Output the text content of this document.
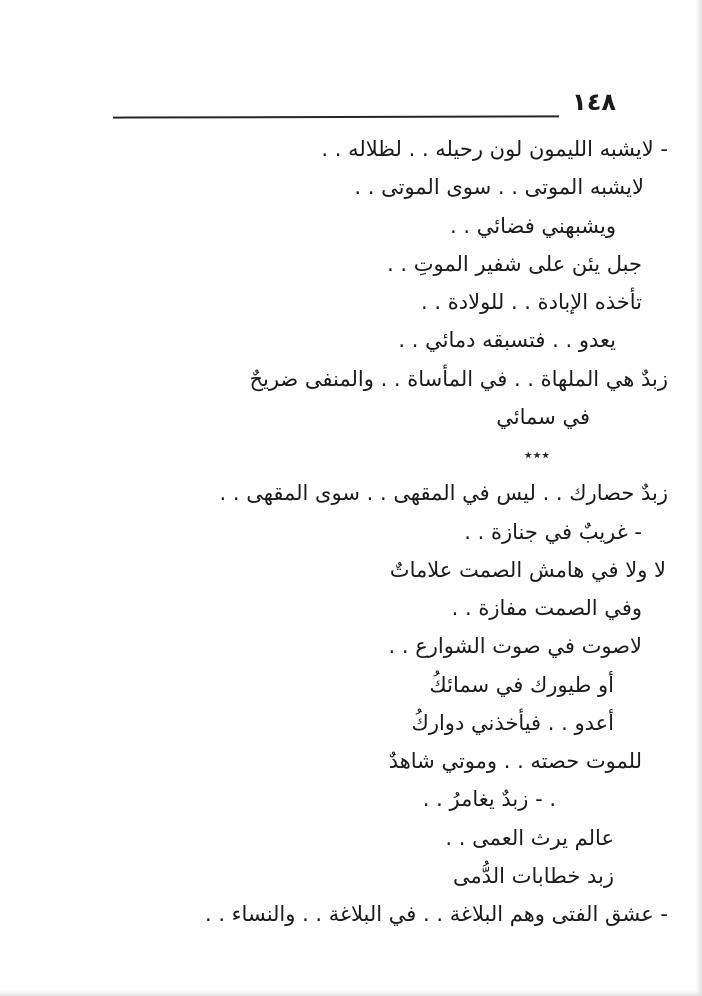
١٤٨
- لايشبه الليمون لون رحيله . . لظلاله . .
لايشبه الموتى . . سوى الموتى . .
ويشبهني فضائي . .
جبل يئن على شفير الموتِ . .
تأخذه الإبادة . . للولادة . .
يعدو . . فتسبقه دمائي . .
زبدٌ هي الملهاة . . في المأساة . . والمنفى ضريحٌ
في سمائي
٭٭٭
زبدٌ حصارك . . ليس في المقهى . . سوى المقهى . .
- غريبٌ في جنازة . .
لا ولا في هامش الصمت علاماتٌ
وفي الصمت مفازة . .
لاصوت في صوت الشوارع . .
أو طيورك في سمائكُ
أعدو . . فيأخذني دواركُ
للموت حصته . . وموتي شاهدٌ
. - زبدٌ يغامرُ . .
عالم يرث العمى . .
زبد خطابات الدُّمى
- عشق الفتى وهم البلاغة . . في البلاغة . . والنساء . .
